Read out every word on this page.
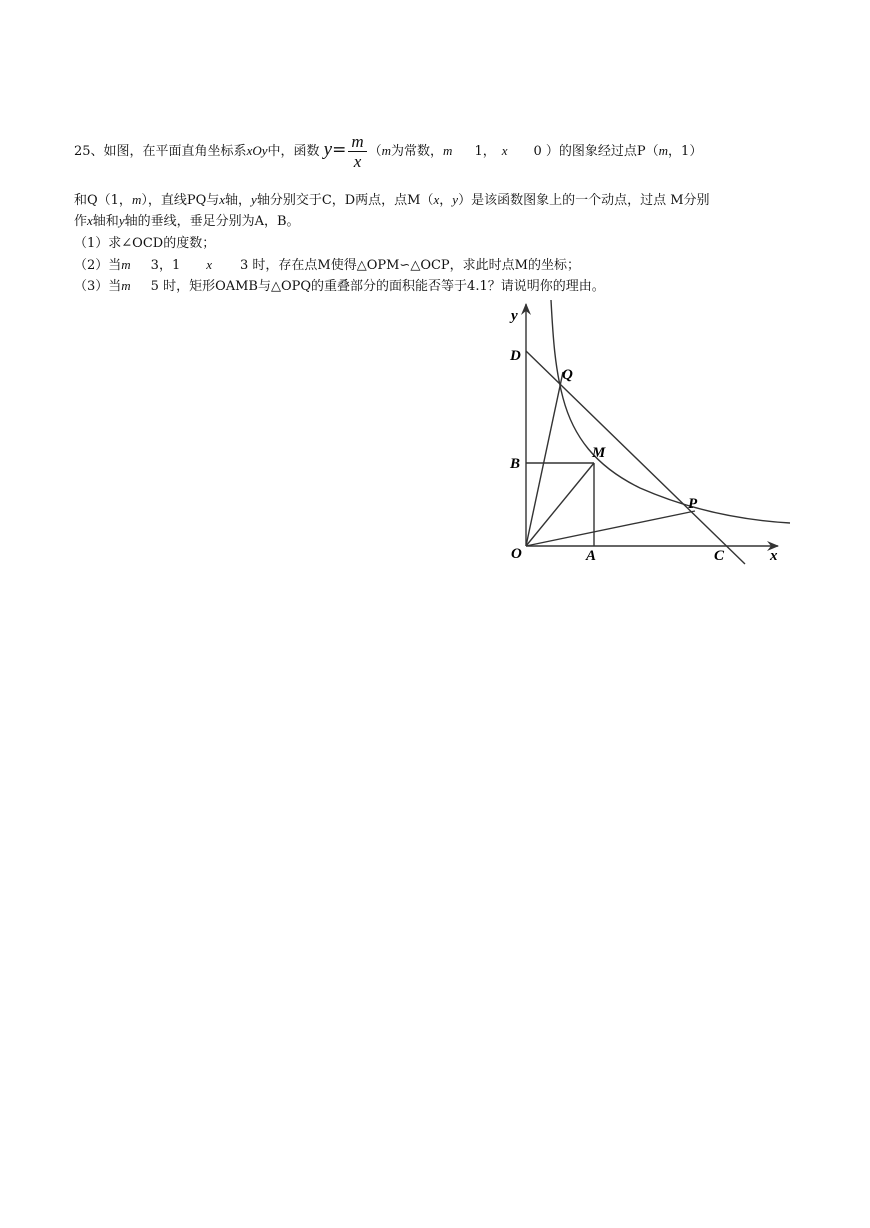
25、如图，在平面直角坐标系xOy中，函数 $y= \frac{m}{x} (m$为常数，m 1， x 0 ）的图象经过点P（m，1）
和Q（1，m），直线PQ与x轴，y轴分别交于C，D两点，点M（x，y）是该函数图象上的一个动点，过点 M分别
作x轴和y轴的垂线，垂足分别为A，B。
（1）求∠OCD的度数；
（2）当m 3，1 x 3 时，存在点M使得△OPM∽△OCP，求此时点M的坐标；
（3）当m 5 时，矩形OAMB与△OPQ的重叠部分的面积能否等于4.1？请说明你的理由。
y
D
Q
B
M
P
O	A	C	x
